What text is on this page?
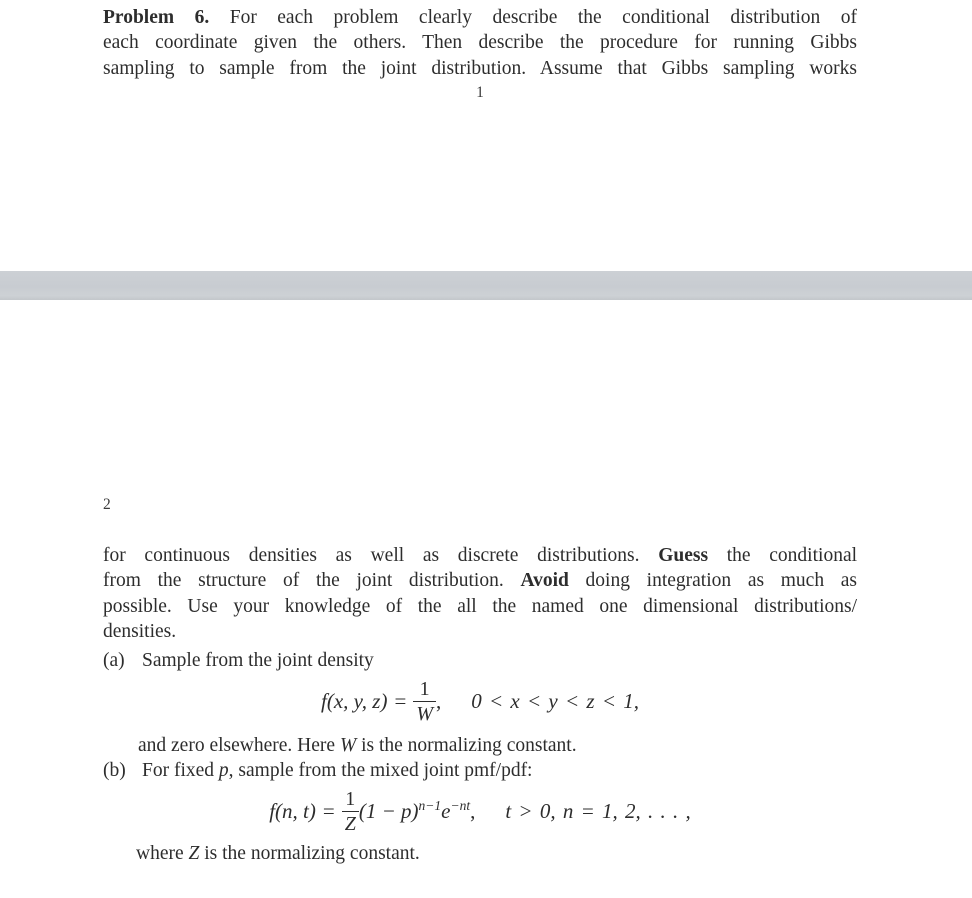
Problem 6. For each problem clearly describe the conditional distribution of

each coordinate given the others. Then describe the procedure for running Gibbs

sampling to sample from the joint distribution. Assume that Gibbs sampling works

1
2

for continuous densities as well as discrete distributions. Guess the conditional

from the structure of the joint distribution. Avoid doing integration as much as

possible. Use your knowledge of the all the named one dimensional distributions/

densities.

(a) Sample from the joint density
f(x, y, $z) = \frac{1}{W}$ , 0 < x < y < z < 1,
and zero elsewhere. Here W is the normalizing constant.
(b) For fixed p, sample from the mixed joint pmf/pdf:
f(n, $t) = \frac{1}{Z} (1 - p)^{n-1}e^{-nt}$, t > 0, n = 1, 2, . . . ,
where Z is the normalizing constant.
